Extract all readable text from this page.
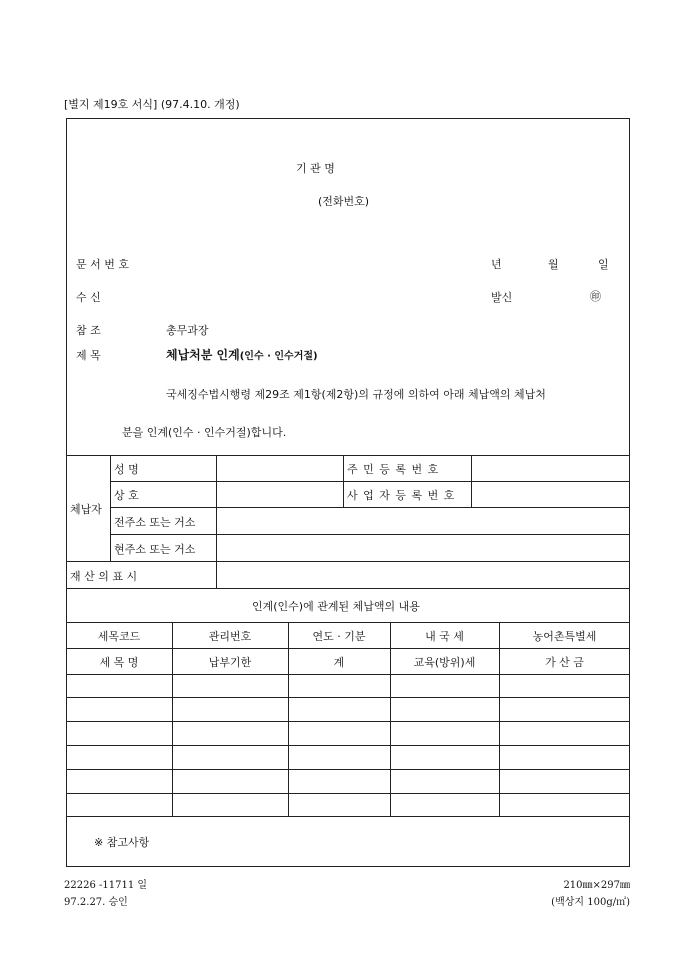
[별지 제19호 서식] (97.4.10. 개정)
기 관 명
(전화번호)
문 서 번 호	년	월	일
수 신	발신	㊞
참 조	총무과장
제 목	체납처분 인계(인수 · 인수거절)
국세징수법시행령 제29조 제1항(제2항)의 규정에 의하여 아래 체납액의 체납처
분을 인계(인수 · 인수거절)합니다.
체납자
성 명	주 민 등 록 번 호
상 호	사 업 자 등 록 번 호
전주소 또는 거소
현주소 또는 거소
재 산 의 표 시
인계(인수)에 관계된 체납액의 내용
세목코드	관리번호	연도 · 기분	내 국 세	농어촌특별세
세 목 명	납부기한	계	교육(방위)세	가 산 금
※ 참고사항
22226 -11711 일
97.2.27. 승인
210㎜×297㎜
(백상지 100g/㎡)
